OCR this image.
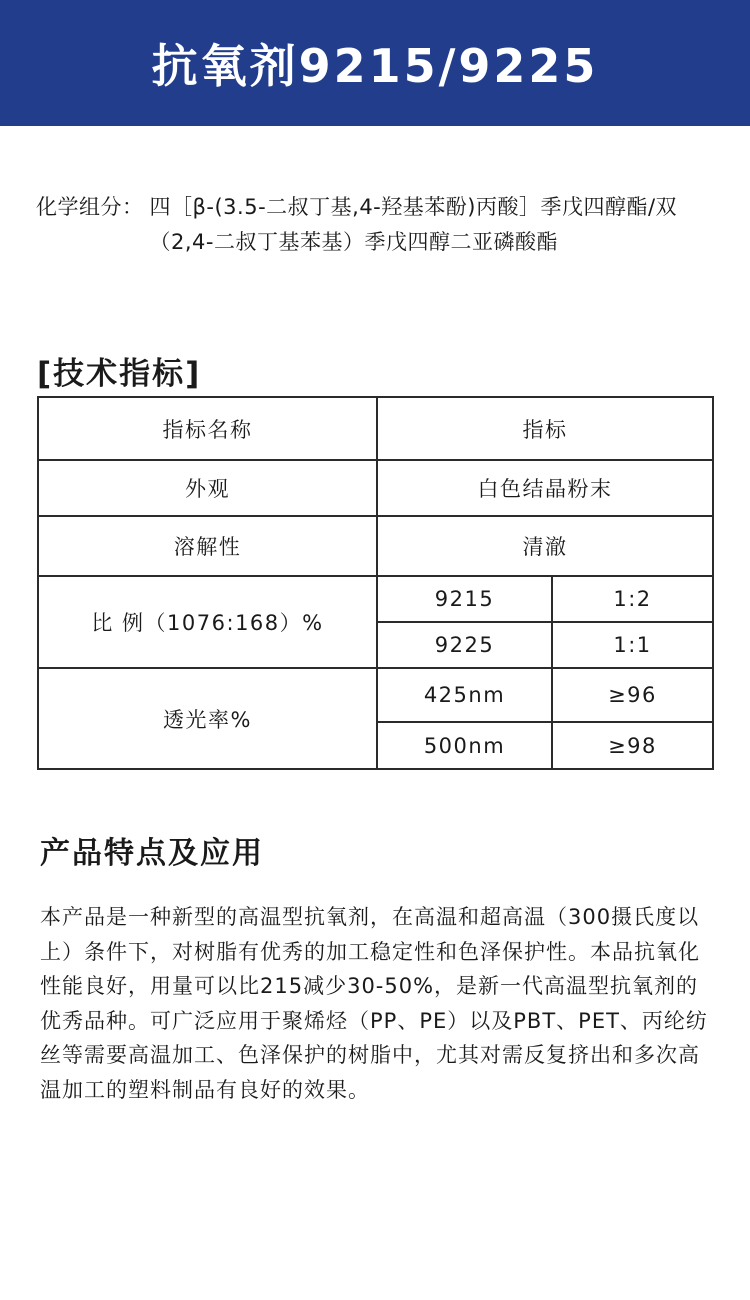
抗氧剂9215/9225
化学组分： 四［β-(3.5-二叔丁基,4-羟基苯酚)丙酸］季戊四醇酯/双（2,4-二叔丁基苯基）季戊四醇二亚磷酸酯
[技术指标]
指标名称	指标	
外观	白色结晶粉末	
溶解性	清澈	
比 例（1076:168）%	9215	1:2
	9225	1:1
透光率%	425nm	≥96
	500nm	≥98
产品特点及应用
本产品是一种新型的高温型抗氧剂，在高温和超高温（300摄氏度以上）条件下，对树脂有优秀的加工稳定性和色泽保护性。本品抗氧化性能良好，用量可以比215减少30-50%，是新一代高温型抗氧剂的优秀品种。可广泛应用于聚烯烃（PP、PE）以及PBT、PET、丙纶纺丝等需要高温加工、色泽保护的树脂中，尤其对需反复挤出和多次高温加工的塑料制品有良好的效果。
